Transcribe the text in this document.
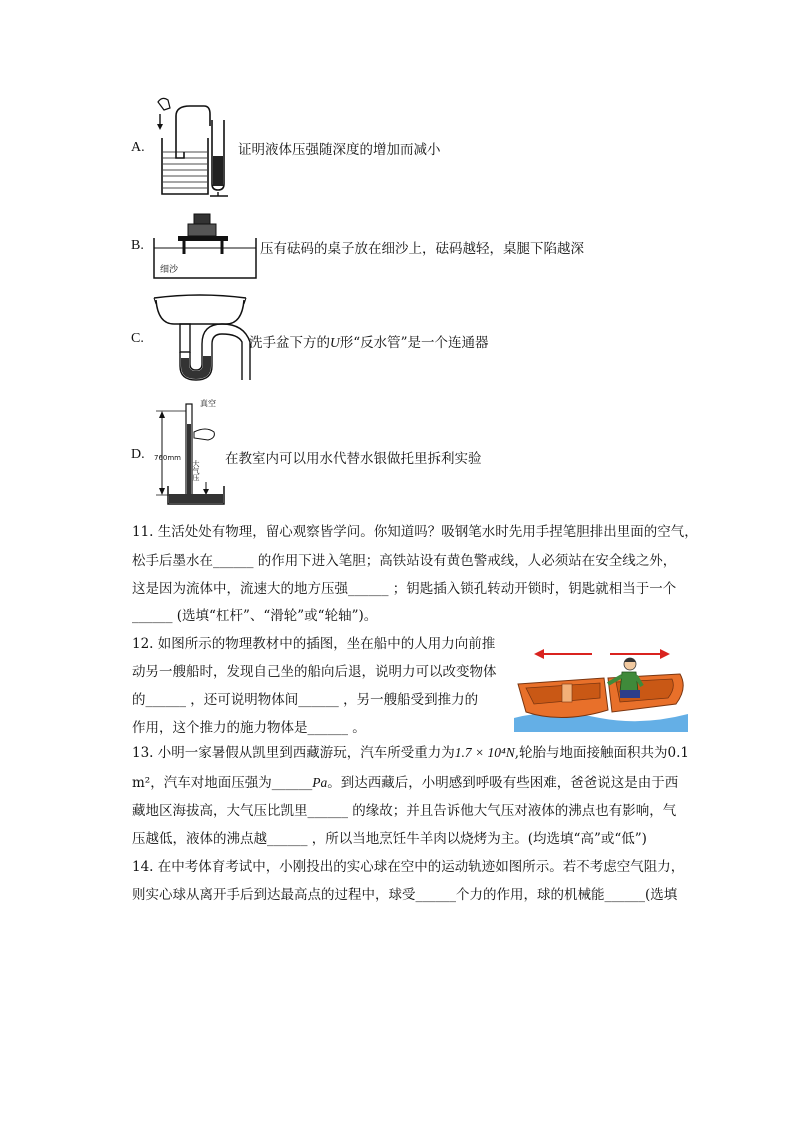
A.	证明液体压强随深度的增加而减小
B.
细沙
压有砝码的桌子放在细沙上，砝码越轻，桌腿下陷越深
C.	洗手盆下方的U形“反水管”是一个连通器
D. 760mm
真空
大气压
在教室内可以用水代替水银做托里拆利实验
11. 生活处处有物理，留心观察皆学问。你知道吗？吸钢笔水时先用手捏笔胆排出里面的空气，
松手后墨水在______ 的作用下进入笔胆；高铁站设有黄色警戒线，人必须站在安全线之外，
这是因为流体中，流速大的地方压强______ ；钥匙插入锁孔转动开锁时，钥匙就相当于一个
______ (选填“杠杆”、“滑轮”或“轮轴”)。
12. 如图所示的物理教材中的插图，坐在船中的人用力向前推
动另一艘船时，发现自己坐的船向后退，说明力可以改变物体
的______ ，还可说明物体间______ ，另一艘船受到推力的
作用，这个推力的施力物体是______ 。
13. 小明一家暑假从凯里到西藏游玩，汽车所受重力为1.7 × 10⁴N,轮胎与地面接触面积共为0.1
m²，汽车对地面压强为______Pa。到达西藏后，小明感到呼吸有些困难，爸爸说这是由于西
藏地区海拔高，大气压比凯里______ 的缘故；并且告诉他大气压对液体的沸点也有影响，气
压越低，液体的沸点越______ ，所以当地烹饪牛羊肉以烧烤为主。(均选填“高”或“低”)
14. 在中考体育考试中，小刚投出的实心球在空中的运动轨迹如图所示。若不考虑空气阻力，
则实心球从离开手后到达最高点的过程中，球受______个力的作用，球的机械能______(选填
